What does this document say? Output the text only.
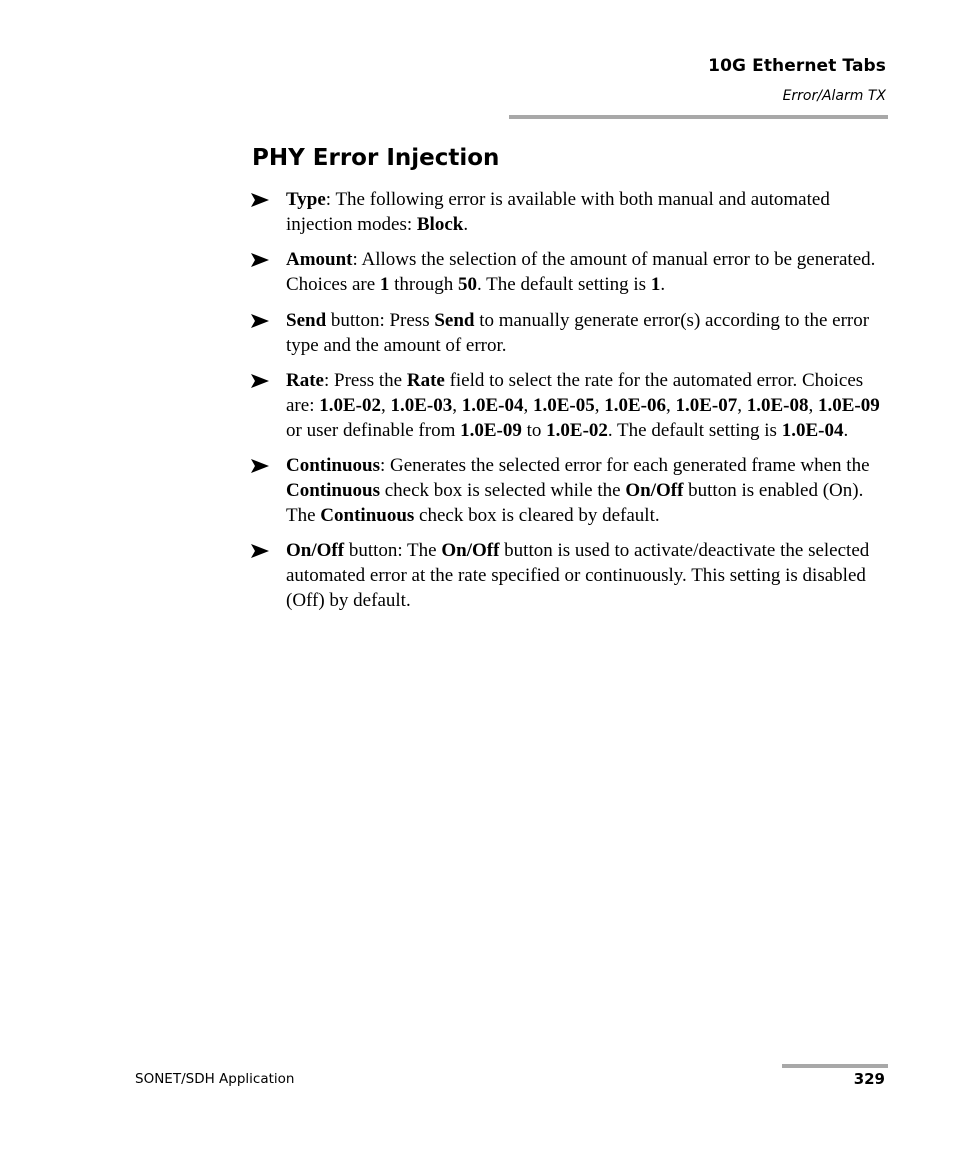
10G Ethernet Tabs
Error/Alarm TX
PHY Error Injection
Type: The following error is available with both manual and automated injection modes: Block.
Amount: Allows the selection of the amount of manual error to be generated. Choices are 1 through 50. The default setting is 1.
Send button: Press Send to manually generate error(s) according to the error type and the amount of error.
Rate: Press the Rate field to select the rate for the automated error. Choices are: 1.0E-02, 1.0E-03, 1.0E-04, 1.0E-05, 1.0E-06, 1.0E-07, 1.0E-08, 1.0E-09 or user definable from 1.0E-09 to 1.0E-02. The default setting is 1.0E-04.
Continuous: Generates the selected error for each generated frame when the Continuous check box is selected while the On/Off button is enabled (On). The Continuous check box is cleared by default.
On/Off button: The On/Off button is used to activate/deactivate the selected automated error at the rate specified or continuously. This setting is disabled (Off) by default.
SONET/SDH Application	329
